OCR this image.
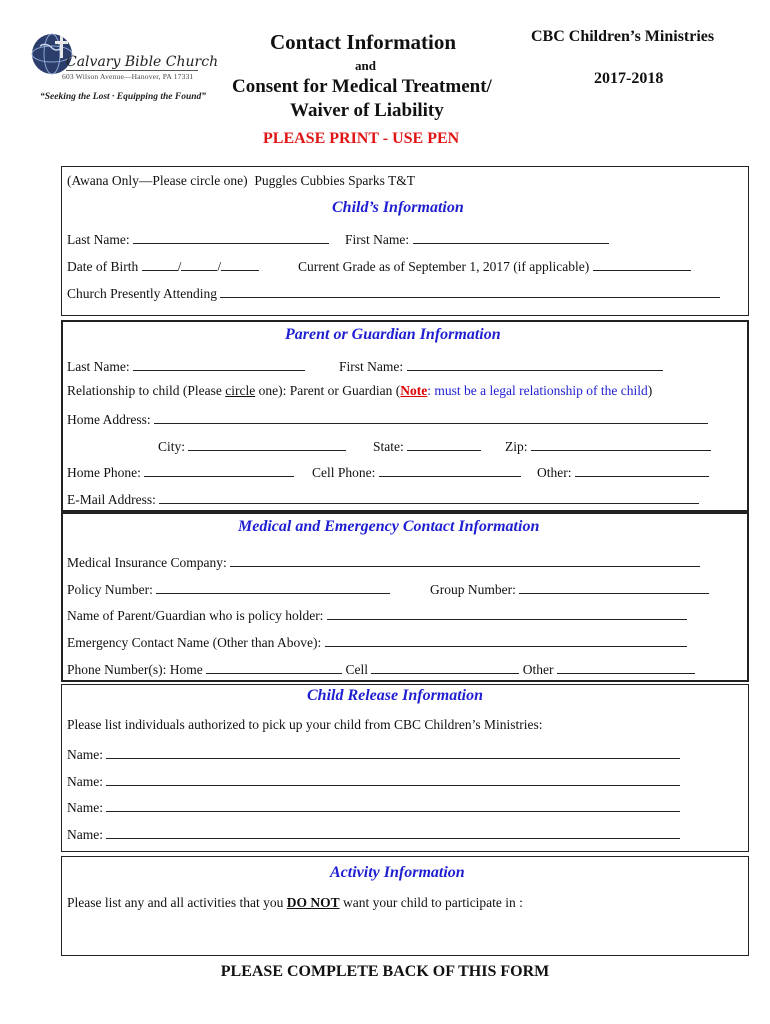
Calvary Bible Church
603 Wilson Avenue—Hanover, PA 17331
“Seeking the Lost · Equipping the Found”
Contact Information
and
Consent for Medical Treatment/
Waiver of Liability
PLEASE PRINT - USE PEN
CBC Children’s Ministries
2017-2018
(Awana Only—Please circle one) Puggles Cubbies Sparks T&T
Child’s Information
Last Name:	First Name:
Date of Birth	/	/	Current Grade as of September 1, 2017 (if applicable)
Church Presently Attending
Parent or Guardian Information
Last Name:	First Name:
Relationship to child (Please circle one): Parent or Guardian (Note: must be a legal relationship of the child)
Home Address:
City:	State:	Zip:
Home Phone:	Cell Phone:	Other:
E-Mail Address:
Medical and Emergency Contact Information
Medical Insurance Company:
Policy Number:	Group Number:
Name of Parent/Guardian who is policy holder:
Emergency Contact Name (Other than Above):
Phone Number(s): Home	Cell	Other
Child Release Information
Please list individuals authorized to pick up your child from CBC Children’s Ministries:
Name:
Name:
Name:
Name:
Activity Information
Please list any and all activities that you DO NOT want your child to participate in :
PLEASE COMPLETE BACK OF THIS FORM
